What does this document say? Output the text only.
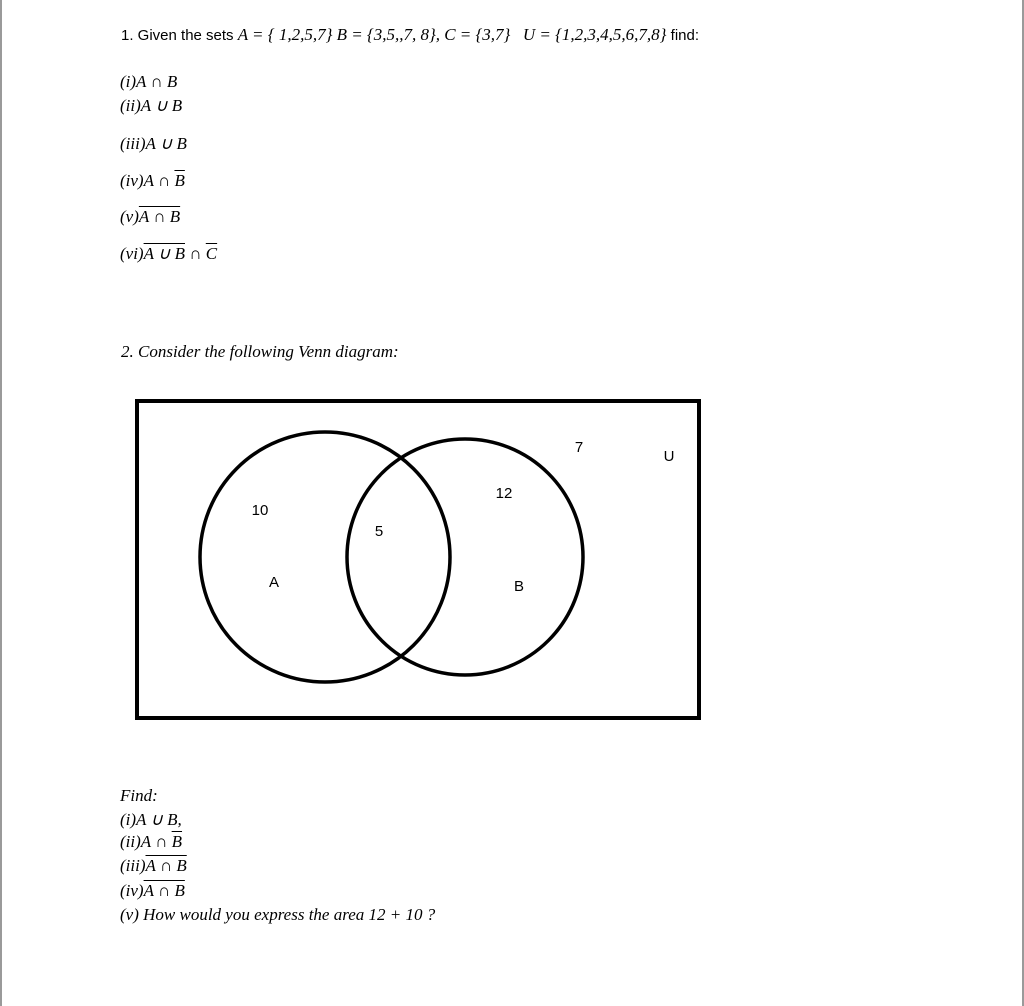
1. Given the sets A = { 1,2,5,7} B = {3,5,,7, 8}, C = {3,7} U = {1,2,3,4,5,6,7,8} find:
(i)A ∩ B
(ii)A ∪ B
(iii)A ∪ B
(iv)A ∩ $\overline{B}$
(v)A ∩ B
(vi)A ∪ B ∩ $\overline{C}$
2. Consider the following Venn diagram:
10
5
12
7
A	B
U
Find:
(i)A ∪ B,
(ii)A ∩ $\overline{B}$
(iii)A ∩ B
(iv)A ∩ B
(v) How would you express the area 12 + 10 ?
